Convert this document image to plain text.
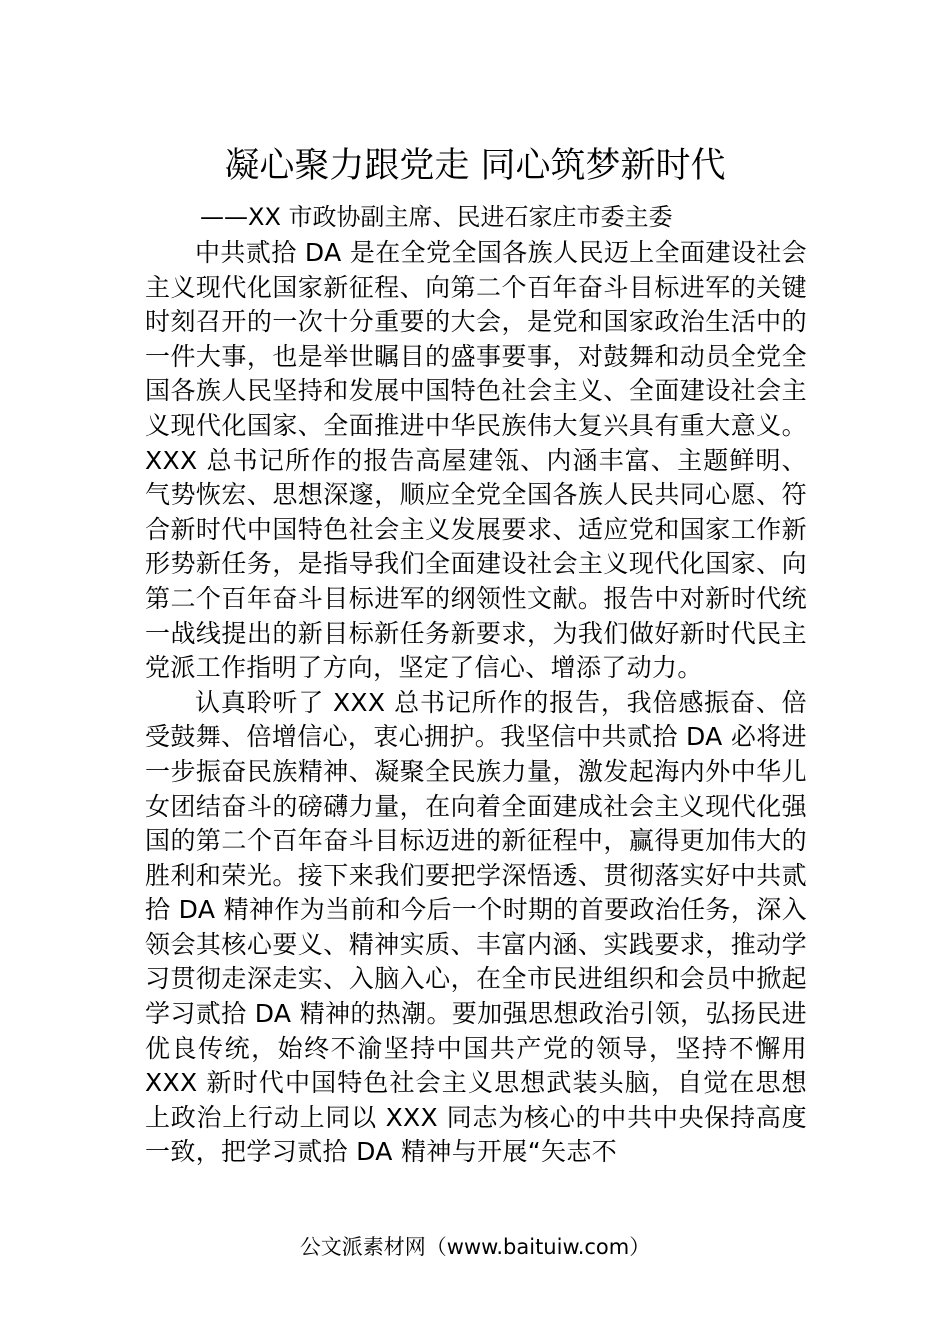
凝心聚力跟党走 同心筑梦新时代

——XX 市政协副主席、民进石家庄市委主委

中共贰拾 DA 是在全党全国各族人民迈上全面建设社会主义现代化国家新征程、向第二个百年奋斗目标进军的关键时刻召开的一次十分重要的大会，是党和国家政治生活中的一件大事，也是举世瞩目的盛事要事，对鼓舞和动员全党全国各族人民坚持和发展中国特色社会主义、全面建设社会主义现代化国家、全面推进中华民族伟大复兴具有重大意义。XXX 总书记所作的报告高屋建瓴、内涵丰富、主题鲜明、气势恢宏、思想深邃，顺应全党全国各族人民共同心愿、符合新时代中国特色社会主义发展要求、适应党和国家工作新形势新任务，是指导我们全面建设社会主义现代化国家、向第二个百年奋斗目标进军的纲领性文献。报告中对新时代统一战线提出的新目标新任务新要求，为我们做好新时代民主党派工作指明了方向，坚定了信心、增添了动力。

认真聆听了 XXX 总书记所作的报告，我倍感振奋、倍受鼓舞、倍增信心，衷心拥护。我坚信中共贰拾 DA 必将进一步振奋民族精神、凝聚全民族力量，激发起海内外中华儿女团结奋斗的磅礴力量，在向着全面建成社会主义现代化强国的第二个百年奋斗目标迈进的新征程中，赢得更加伟大的胜利和荣光。接下来我们要把学深悟透、贯彻落实好中共贰拾 DA 精神作为当前和今后一个时期的首要政治任务，深入领会其核心要义、精神实质、丰富内涵、实践要求，推动学习贯彻走深走实、入脑入心，在全市民进组织和会员中掀起学习贰拾 DA 精神的热潮。要加强思想政治引领，弘扬民进优良传统，始终不渝坚持中国共产党的领导，坚持不懈用 XXX 新时代中国特色社会主义思想武装头脑，自觉在思想上政治上行动上同以 XXX 同志为核心的中共中央保持高度一致，把学习贰拾 DA 精神与开展“矢志不

公文派素材网（www.baituiw.com）
